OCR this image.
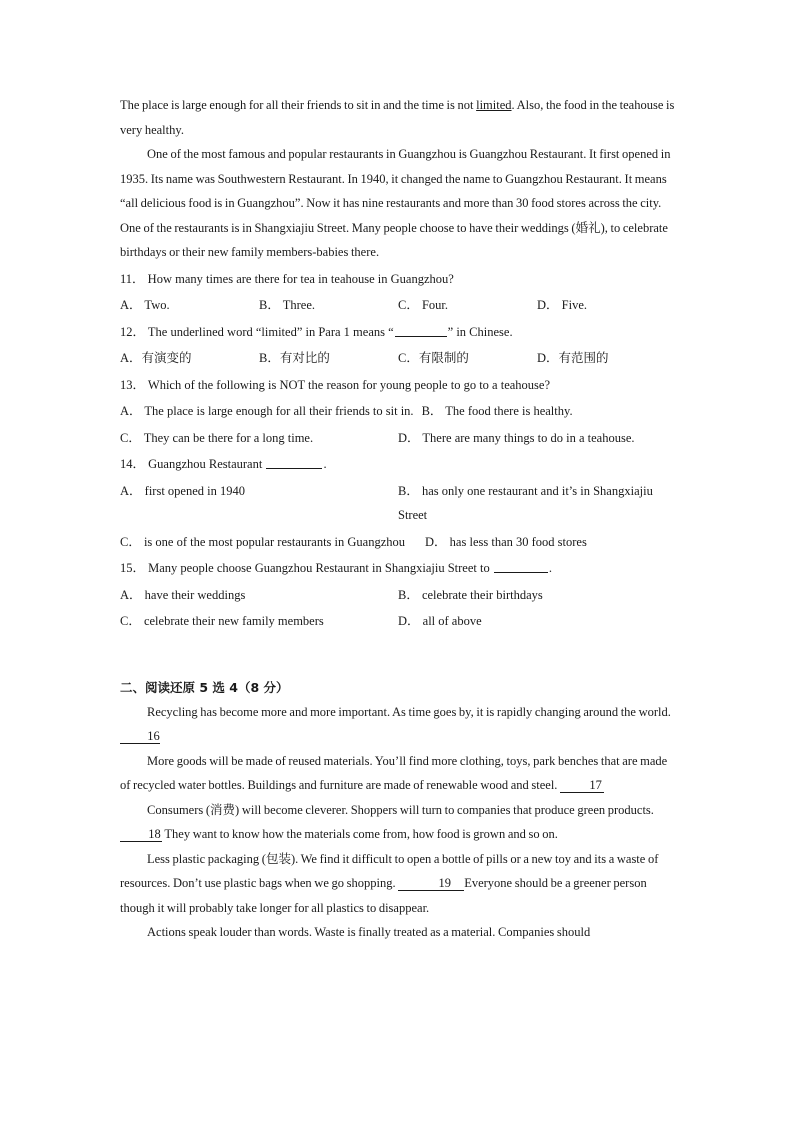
The place is large enough for all their friends to sit in and the time is not limited. Also, the food in the teahouse is very healthy.

One of the most famous and popular restaurants in Guangzhou is Guangzhou Restaurant. It first opened in 1935. Its name was Southwestern Restaurant. In 1940, it changed the name to Guangzhou Restaurant. It means “all delicious food is in Guangzhou”. Now it has nine restaurants and more than 30 food stores across the city. One of the restaurants is in Shangxiajiu Street. Many people choose to have their weddings (婚礼), to celebrate birthdays or their new family members-babies there.

11． How many times are there for tea in teahouse in Guangzhou?
A． Two.	B． Three.	C． Four.	D． Five.
12． The underlined word “limited” in Para 1 means “	” in Chinese.
A．有演变的	B．有对比的	C．有限制的	D．有范围的
13． Which of the following is NOT the reason for young people to go to a teahouse?
A． The place is large enough for all their friends to sit in. B． The food there is healthy.
C． They can be there for a long time.	D． There are many things to do in a teahouse.
14． Guangzhou Restaurant	.
A． first opened in 1940	B． has only one restaurant and it’s in Shangxiajiu Street
C． is one of the most popular restaurants in Guangzhou D． has less than 30 food stores
15． Many people choose Guangzhou Restaurant in Shangxiajiu Street to	.
A． have their weddings	B． celebrate their birthdays
C． celebrate their new family members	D． all of above
二、阅读还原 5 选 4（8 分）

Recycling has become more and more important. As time goes by, it is rapidly changing around the world. 16

More goods will be made of reused materials. You’ll find more clothing, toys, park benches that are made of recycled water bottles. Buildings and furniture are made of renewable wood and steel.	17

Consumers (消费) will become cleverer. Shoppers will turn to companies that produce green products. 18 They want to know how the materials come from, how food is grown and so on.

Less plastic packaging (包装). We find it difficult to open a bottle of pills or a new toy and its a waste of resources. Don’t use plastic bags when we go shopping.	19 Everyone should be a greener person though it will probably take longer for all plastics to disappear.

Actions speak louder than words. Waste is finally treated as a material. Companies should
